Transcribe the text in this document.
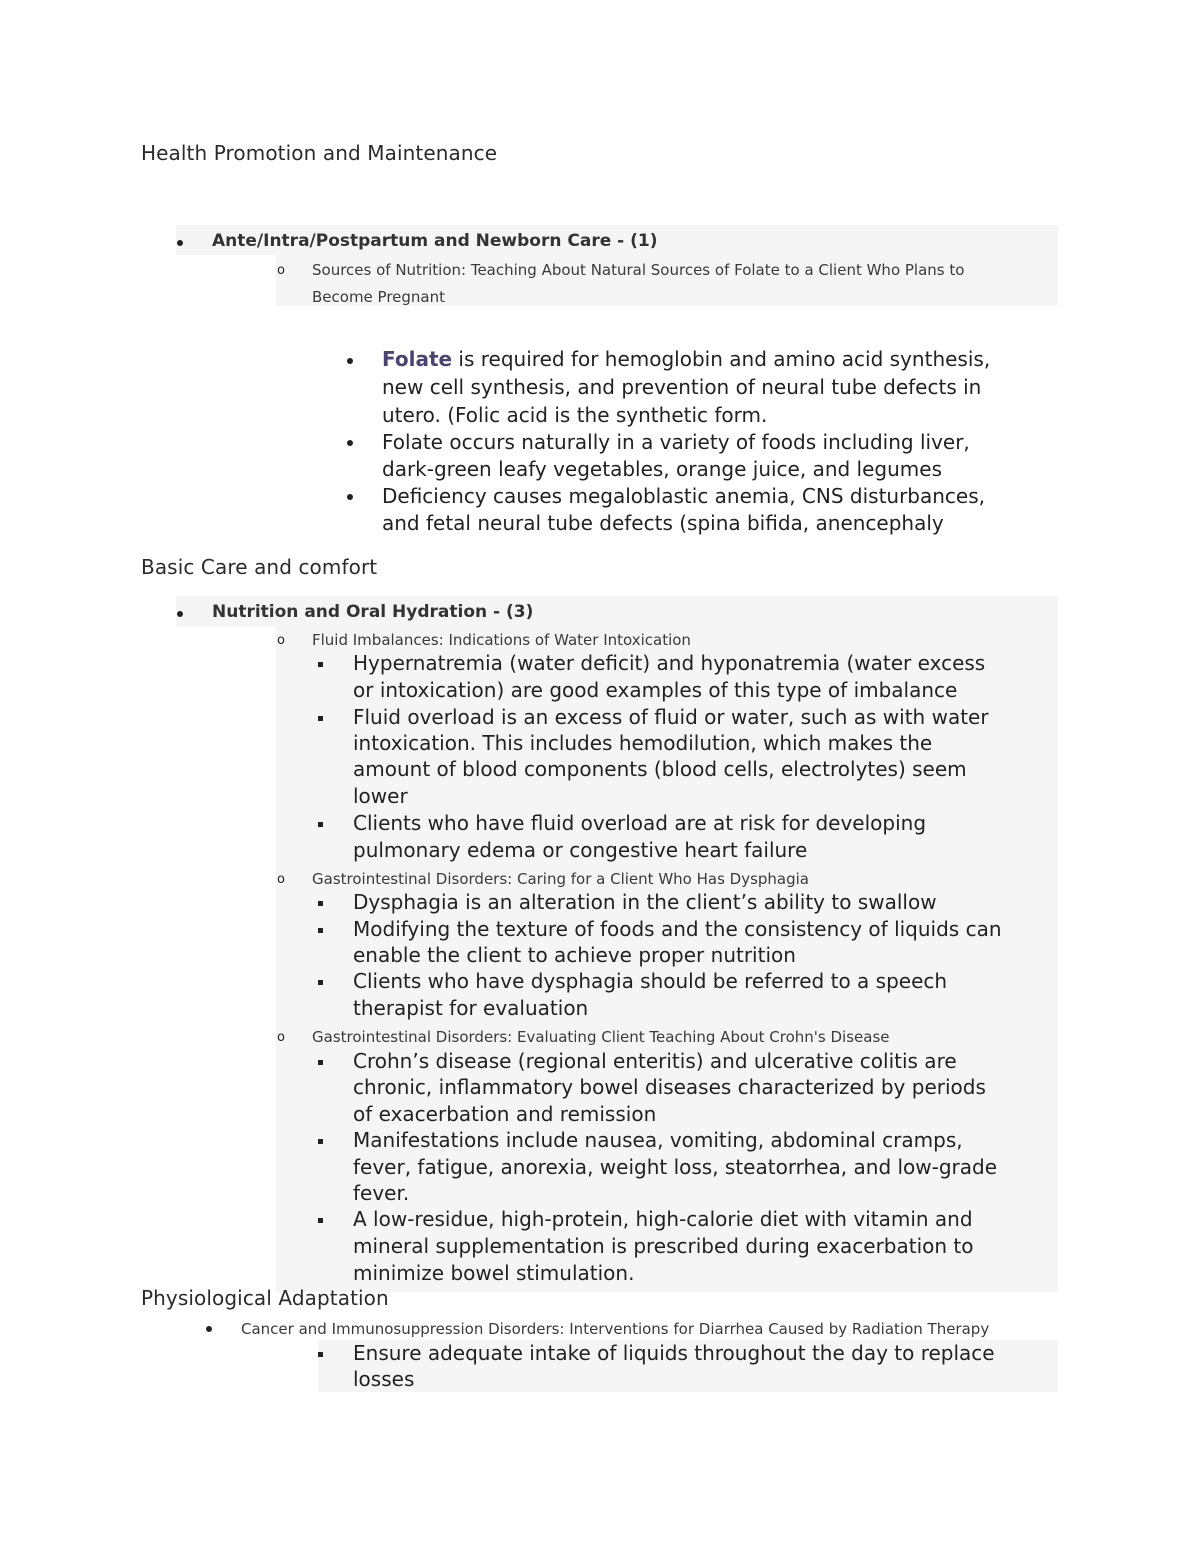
Health Promotion and Maintenance
Ante/Intra/Postpartum and Newborn Care - (1)
o Sources of Nutrition: Teaching About Natural Sources of Folate to a Client Who Plans to
Become Pregnant
Folate is required for hemoglobin and amino acid synthesis,
new cell synthesis, and prevention of neural tube defects in
utero. (Folic acid is the synthetic form.
Folate occurs naturally in a variety of foods including liver,
dark-green leafy vegetables, orange juice, and legumes
Deficiency causes megaloblastic anemia, CNS disturbances,
and fetal neural tube defects (spina bifida, anencephaly
Basic Care and comfort
Nutrition and Oral Hydration - (3)
o Fluid Imbalances: Indications of Water Intoxication
Hypernatremia (water deficit) and hyponatremia (water excess
or intoxication) are good examples of this type of imbalance
Fluid overload is an excess of fluid or water, such as with water
intoxication. This includes hemodilution, which makes the
amount of blood components (blood cells, electrolytes) seem
lower
Clients who have fluid overload are at risk for developing
pulmonary edema or congestive heart failure
o Gastrointestinal Disorders: Caring for a Client Who Has Dysphagia
Dysphagia is an alteration in the client’s ability to swallow
Modifying the texture of foods and the consistency of liquids can
enable the client to achieve proper nutrition
Clients who have dysphagia should be referred to a speech
therapist for evaluation
o Gastrointestinal Disorders: Evaluating Client Teaching About Crohn's Disease
Crohn’s disease (regional enteritis) and ulcerative colitis are
chronic, inflammatory bowel diseases characterized by periods
of exacerbation and remission
Manifestations include nausea, vomiting, abdominal cramps,
fever, fatigue, anorexia, weight loss, steatorrhea, and low-grade
fever.
A low-residue, high-protein, high-calorie diet with vitamin and
mineral supplementation is prescribed during exacerbation to
minimize bowel stimulation.
Physiological Adaptation
Cancer and Immunosuppression Disorders: Interventions for Diarrhea Caused by Radiation Therapy
Ensure adequate intake of liquids throughout the day to replace
losses
